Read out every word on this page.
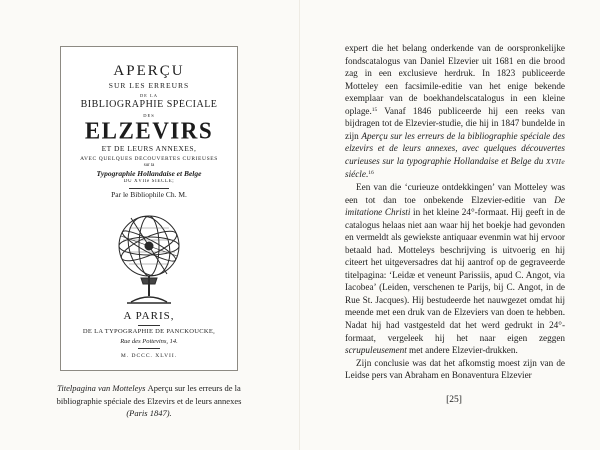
APERÇU
SUR LES ERREURS
DE LA
BIBLIOGRAPHIE SPÉCIALE
DES
ELZEVIRS
ET DE LEURS ANNEXES,
AVEC QUELQUES DÉCOUVERTES CURIEUSES
sur la
Typographie Hollandaise et Belge
DU XVIIe SIÈCLE;
Par le Bibliophile Ch. M.
A PARIS,
DE LA TYPOGRAPHIE DE PANCKOUCKE,
Rue des Poitevins, 14.
M. DCCC. XLVII.
Titelpagina van Motteleys Aperçu sur les erreurs de la bibliographie spéciale des Elzevirs et de leurs annexes (Paris 1847).

expert die het belang onderkende van de oorspronkelijke fondscatalogus van Daniel Elzevier uit 1681 en die brood zag in een exclusieve herdruk. In 1823 publiceerde Motteley een facsimile-editie van het enige bekende exemplaar van de boekhandelscatalogus in een kleine oplage.$^{15}$ Vanaf 1846 publiceerde hij een reeks van bijdragen tot de Elzevier-studie, die hij in 1847 bundelde in zijn Aperçu sur les erreurs de la bibliographie spéciale des elzevirs et de leurs annexes, avec quelques découvertes curieuses sur la typographie Hollandaise et Belge du XVIIe siécle.$^{16}$

Een van die ‘curieuze ontdekkingen’ van Motteley was een tot dan toe onbekende Elzevier-editie van De imitatione Christi in het kleine 24°-formaat. Hij geeft in de catalogus helaas niet aan waar hij het boekje had gevonden en vermeldt als gewiekste antiquaar evenmin wat hij ervoor betaald had. Motteleys beschrijving is uitvoerig en hij citeert het uitgeversadres dat hij aantrof op de gegraveerde titelpagina: ‘Leidæ et veneunt Parissiis, apud C. Angot, via Iacobea’ (Leiden, verschenen te Parijs, bij C. Angot, in de Rue St. Jacques). Hij bestudeerde het nauwgezet omdat hij meende met een druk van de Elzeviers van doen te hebben. Nadat hij had vastgesteld dat het werd gedrukt in 24°-formaat, vergeleek hij het naar eigen zeggen scrupuleusement met andere Elzevier-drukken.

Zijn conclusie was dat het afkomstig moest zijn van de Leidse pers van Abraham en Bonaventura Elzevier

[25]
